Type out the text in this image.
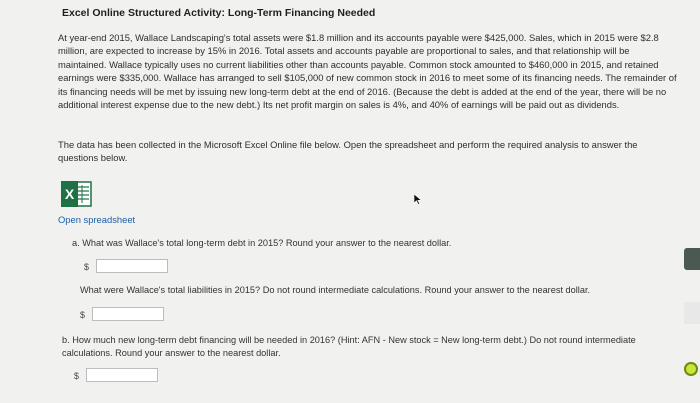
Excel Online Structured Activity: Long-Term Financing Needed
At year-end 2015, Wallace Landscaping's total assets were $1.8 million and its accounts payable were $425,000. Sales, which in 2015 were $2.8 million, are expected to increase by 15% in 2016. Total assets and accounts payable are proportional to sales, and that relationship will be maintained. Wallace typically uses no current liabilities other than accounts payable. Common stock amounted to $460,000 in 2015, and retained earnings were $335,000. Wallace has arranged to sell $105,000 of new common stock in 2016 to meet some of its financing needs. The remainder of its financing needs will be met by issuing new long-term debt at the end of 2016. (Because the debt is added at the end of the year, there will be no additional interest expense due to the new debt.) Its net profit margin on sales is 4%, and 40% of earnings will be paid out as dividends.
The data has been collected in the Microsoft Excel Online file below. Open the spreadsheet and perform the required analysis to answer the questions below.
X
Open spreadsheet
a. What was Wallace's total long-term debt in 2015? Round your answer to the nearest dollar.
$
What were Wallace's total liabilities in 2015? Do not round intermediate calculations. Round your answer to the nearest dollar.
$
b. How much new long-term debt financing will be needed in 2016? (Hint: AFN - New stock = New long-term debt.) Do not round intermediate calculations. Round your answer to the nearest dollar.
$
